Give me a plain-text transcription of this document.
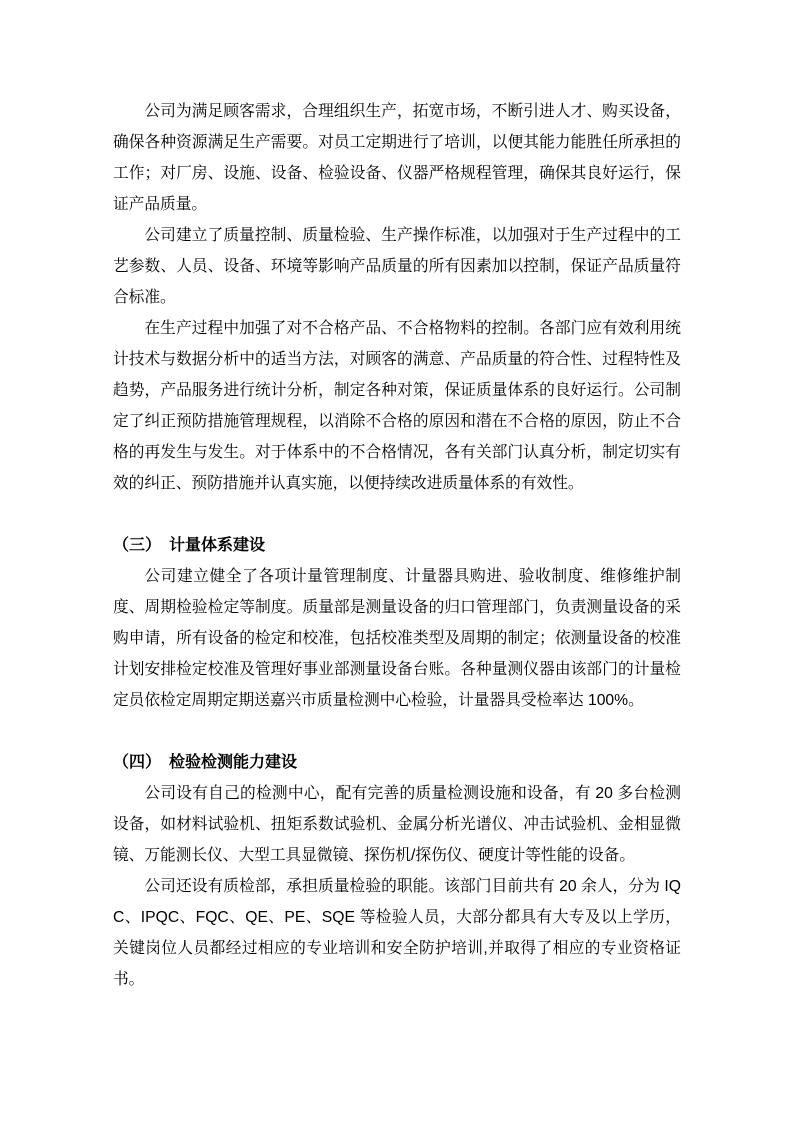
公司为满足顾客需求，合理组织生产，拓宽市场，不断引进人才、购买设备，确保各种资源满足生产需要。对员工定期进行了培训，以便其能力能胜任所承担的工作；对厂房、设施、设备、检验设备、仪器严格规程管理，确保其良好运行，保证产品质量。

公司建立了质量控制、质量检验、生产操作标准，以加强对于生产过程中的工艺参数、人员、设备、环境等影响产品质量的所有因素加以控制，保证产品质量符合标准。

在生产过程中加强了对不合格产品、不合格物料的控制。各部门应有效利用统计技术与数据分析中的适当方法，对顾客的满意、产品质量的符合性、过程特性及趋势，产品服务进行统计分析，制定各种对策，保证质量体系的良好运行。公司制定了纠正预防措施管理规程，以消除不合格的原因和潜在不合格的原因，防止不合格的再发生与发生。对于体系中的不合格情况，各有关部门认真分析，制定切实有效的纠正、预防措施并认真实施，以便持续改进质量体系的有效性。

（三）　计量体系建设

公司建立健全了各项计量管理制度、计量器具购进、验收制度、维修维护制度、周期检验检定等制度。质量部是测量设备的归口管理部门，负责测量设备的采购申请，所有设备的检定和校准，包括校准类型及周期的制定；依测量设备的校准计划安排检定校准及管理好事业部测量设备台账。各种量测仪器由该部门的计量检定员依检定周期定期送嘉兴市质量检测中心检验，计量器具受检率达 100%。

（四）　检验检测能力建设

公司设有自己的检测中心，配有完善的质量检测设施和设备，有 20 多台检测设备，如材料试验机、扭矩系数试验机、金属分析光谱仪、冲击试验机、金相显微镜、万能测长仪、大型工具显微镜、探伤机/探伤仪、硬度计等性能的设备。

公司还设有质检部，承担质量检验的职能。该部门目前共有 20 余人，分为 IQC、IPQC、FQC、QE、PE、SQE 等检验人员，大部分都具有大专及以上学历，关键岗位人员都经过相应的专业培训和安全防护培训,并取得了相应的专业资格证书。
